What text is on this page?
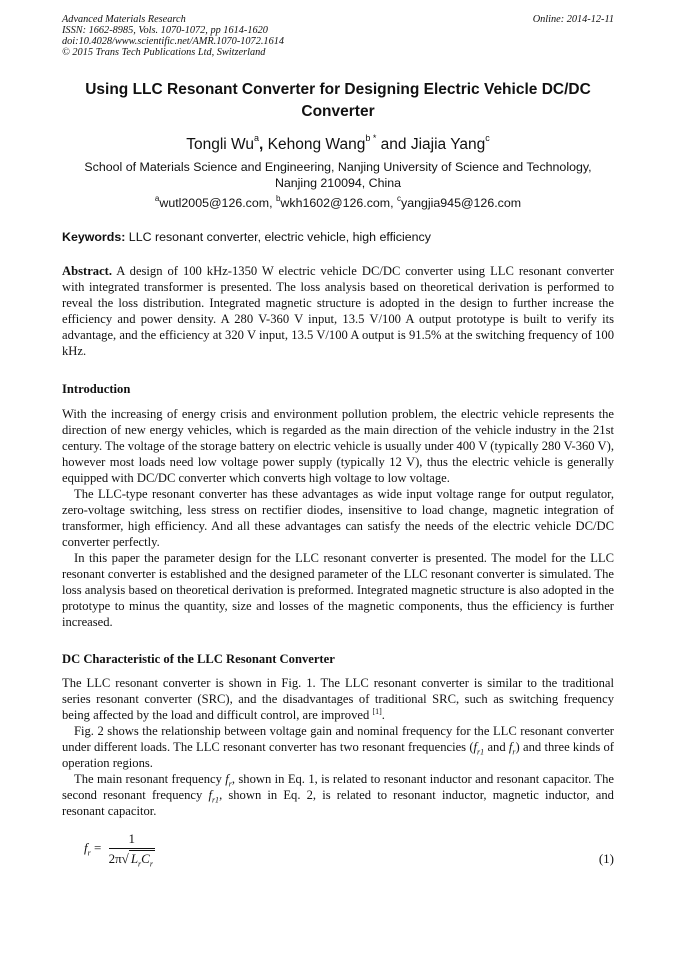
Advanced Materials Research
ISSN: 1662-8985, Vols. 1070-1072, pp 1614-1620
doi:10.4028/www.scientific.net/AMR.1070-1072.1614
© 2015 Trans Tech Publications Ltd, Switzerland
Online: 2014-12-11
Using LLC Resonant Converter for Designing Electric Vehicle DC/DC Converter
Tongli Wu$^a$, Kehong Wang$^{b *}$ and Jiajia Yang$^c$
School of Materials Science and Engineering, Nanjing University of Science and Technology,
Nanjing 210094, China
$^a$wutl2005@126.com, $^b$wkh1602@126.com, $^c$yangjia945@126.com
Keywords: LLC resonant converter, electric vehicle, high efficiency

Abstract. A design of 100 kHz-1350 W electric vehicle DC/DC converter using LLC resonant converter with integrated transformer is presented. The loss analysis based on theoretical derivation is performed to reveal the loss distribution. Integrated magnetic structure is adopted in the design to further increase the efficiency and power density. A 280 V-360 V input, 13.5 V/100 A output prototype is built to verify its advantage, and the efficiency at 320 V input, 13.5 V/100 A output is 91.5% at the switching frequency of 100 kHz.

Introduction

With the increasing of energy crisis and environment pollution problem, the electric vehicle represents the direction of new energy vehicles, which is regarded as the main direction of the vehicle industry in the 21st century. The voltage of the storage battery on electric vehicle is usually under 400 V (typically 280 V-360 V), however most loads need low voltage power supply (typically 12 V), thus the electric vehicle is generally equipped with DC/DC converter which converts high voltage to low voltage.

The LLC-type resonant converter has these advantages as wide input voltage range for output regulator, zero-voltage switching, less stress on rectifier diodes, insensitive to load change, magnetic integration of transformer, high efficiency. And all these advantages can satisfy the needs of the electric vehicle DC/DC converter perfectly.

In this paper the parameter design for the LLC resonant converter is presented. The model for the LLC resonant converter is established and the designed parameter of the LLC resonant converter is simulated. The loss analysis based on theoretical derivation is preformed. Integrated magnetic structure is also adopted in the prototype to minus the quantity, size and losses of the magnetic components, thus the efficiency is further increased.

DC Characteristic of the LLC Resonant Converter

The LLC resonant converter is shown in Fig. 1. The LLC resonant converter is similar to the traditional series resonant converter (SRC), and the disadvantages of traditional SRC, such as switching frequency being affected by the load and difficult control, are improved [1].

Fig. 2 shows the relationship between voltage gain and nominal frequency for the LLC resonant converter under different loads. The LLC resonant converter has two resonant frequencies ($f_{r1}$ and $f_r$) and three kinds of operation regions.

The main resonant frequency $f_r$, shown in Eq. 1, is related to resonant inductor and resonant capacitor. The second resonant frequency $f_{r1}$, shown in Eq. 2, is related to resonant inductor, magnetic inductor, and resonant capacitor.

$f_r = \frac{1}{2\pi√ L_rC_r}$	(1)
